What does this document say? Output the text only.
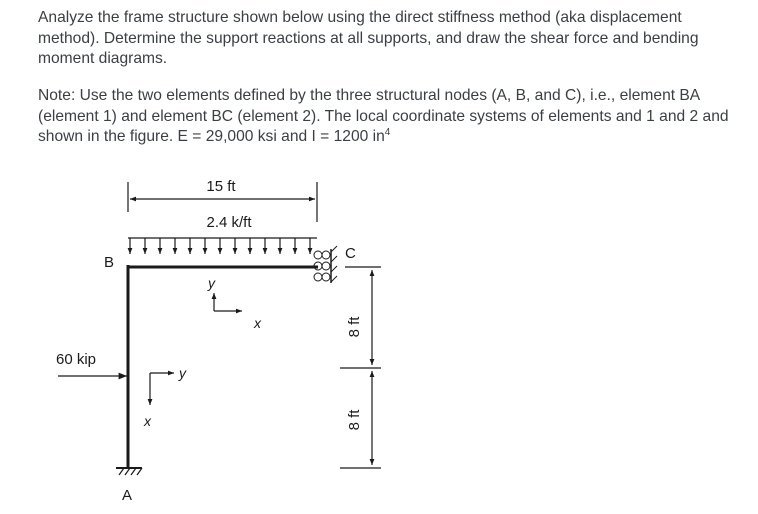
Analyze the frame structure shown below using the direct stiffness method (aka displacement method). Determine the support reactions at all supports, and draw the shear force and bending moment diagrams.

Note: Use the two elements defined by the three structural nodes (A, B, and C), i.e., element BA (element 1) and element BC (element 2). The local coordinate systems of elements and 1 and 2 and shown in the figure. E = 29,000 ksi and I = 1200 $in^4$

15 ft
2.4 k/ft
B
C
A
60 kip
y
x
y
x
8 ft
8 ft
